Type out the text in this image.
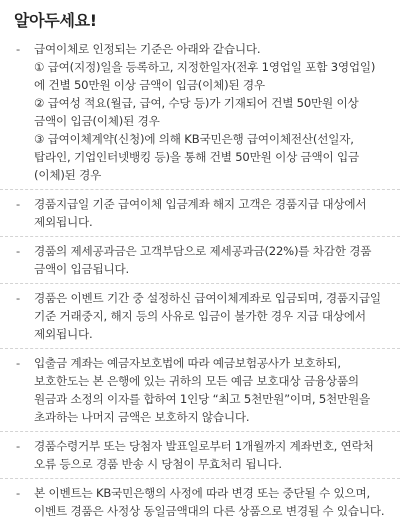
알아두세요!
- 급여이체로 인정되는 기준은 아래와 같습니다.
① 급여(지정)일을 등록하고, 지정한일자(전후 1영업일 포함 3영업일)에 건별 50만원 이상 금액이 입금(이체)된 경우
② 급여성 적요(월급, 급여, 수당 등)가 기재되어 건별 50만원 이상 금액이 입금(이체)된 경우
③ 급여이체계약(신청)에 의해 KB국민은행 급여이체전산(선일자, 탑라인, 기업인터넷뱅킹 등)을 통해 건별 50만원 이상 금액이 입금(이체)된 경우
- 경품지급일 기준 급여이체 입금계좌 해지 고객은 경품지급 대상에서 제외됩니다.
- 경품의 제세공과금은 고객부담으로 제세공과금(22%)를 차감한 경품 금액이 입금됩니다.
- 경품은 이벤트 기간 중 설정하신 급여이체계좌로 입금되며, 경품지급일 기준 거래중지, 해지 등의 사유로 입금이 불가한 경우 지급 대상에서 제외됩니다.
- 입출금 계좌는 예금자보호법에 따라 예금보험공사가 보호하되, 보호한도는 본 은행에 있는 귀하의 모든 예금 보호대상 금융상품의 원금과 소정의 이자를 합하여 1인당 “최고 5천만원”이며, 5천만원을 초과하는 나머지 금액은 보호하지 않습니다.
- 경품수령거부 또는 당첨자 발표일로부터 1개월까지 계좌번호, 연락처 오류 등으로 경품 반송 시 당첨이 무효처리 됩니다.
- 본 이벤트는 KB국민은행의 사정에 따라 변경 또는 중단될 수 있으며, 이벤트 경품은 사정상 동일금액대의 다른 상품으로 변경될 수 있습니다.
